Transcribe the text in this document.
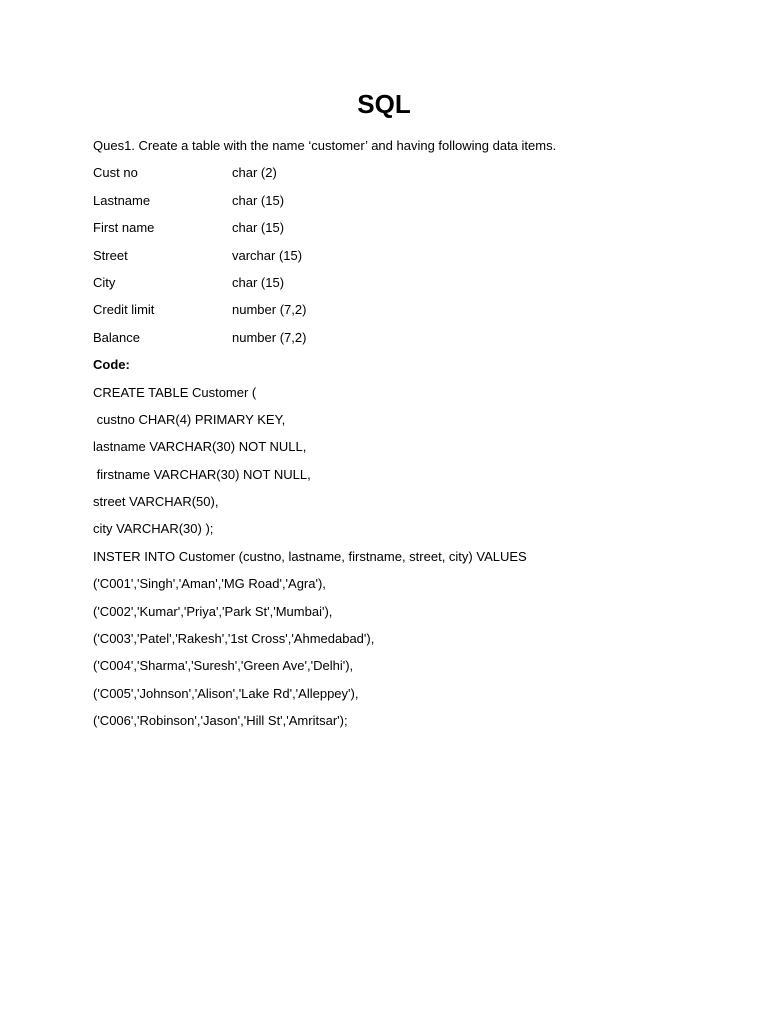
SQL
Ques1. Create a table with the name ‘customer’ and having following data items.
Cust no	char (2)
Lastname	char (15)
First name	char (15)
Street	varchar (15)
City	char (15)
Credit limit	number (7,2)
Balance	number (7,2)
Code:
CREATE TABLE Customer (
custno CHAR(4) PRIMARY KEY,
lastname VARCHAR(30) NOT NULL,
firstname VARCHAR(30) NOT NULL,
street VARCHAR(50),
city VARCHAR(30) );
INSTER INTO Customer (custno, lastname, firstname, street, city) VALUES
('C001','Singh','Aman','MG Road','Agra'),
('C002','Kumar','Priya','Park St','Mumbai'),
('C003','Patel','Rakesh','1st Cross','Ahmedabad'),
('C004','Sharma','Suresh','Green Ave','Delhi'),
('C005','Johnson','Alison','Lake Rd','Alleppey'),
('C006','Robinson','Jason','Hill St','Amritsar');
